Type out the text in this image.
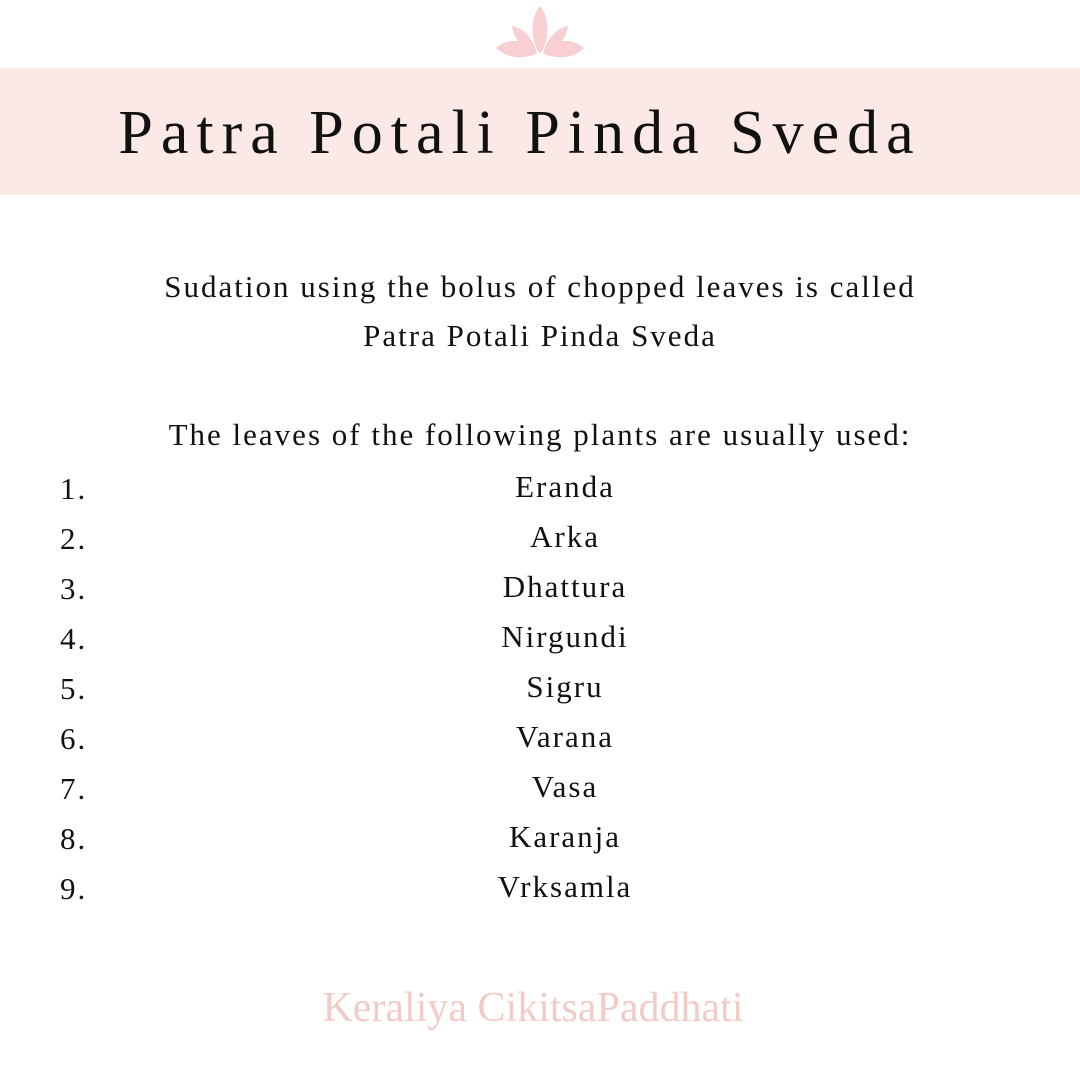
Patra Potali Pinda Sveda
Sudation using the bolus of chopped leaves is called
Patra Potali Pinda Sveda
The leaves of the following plants are usually used:
1.	Eranda
2.	Arka
3.	Dhattura
4.	Nirgundi
5.	Sigru
6.	Varana
7.	Vasa
8.	Karanja
9.	Vrksamla
Keraliya CikitsaPaddhati
